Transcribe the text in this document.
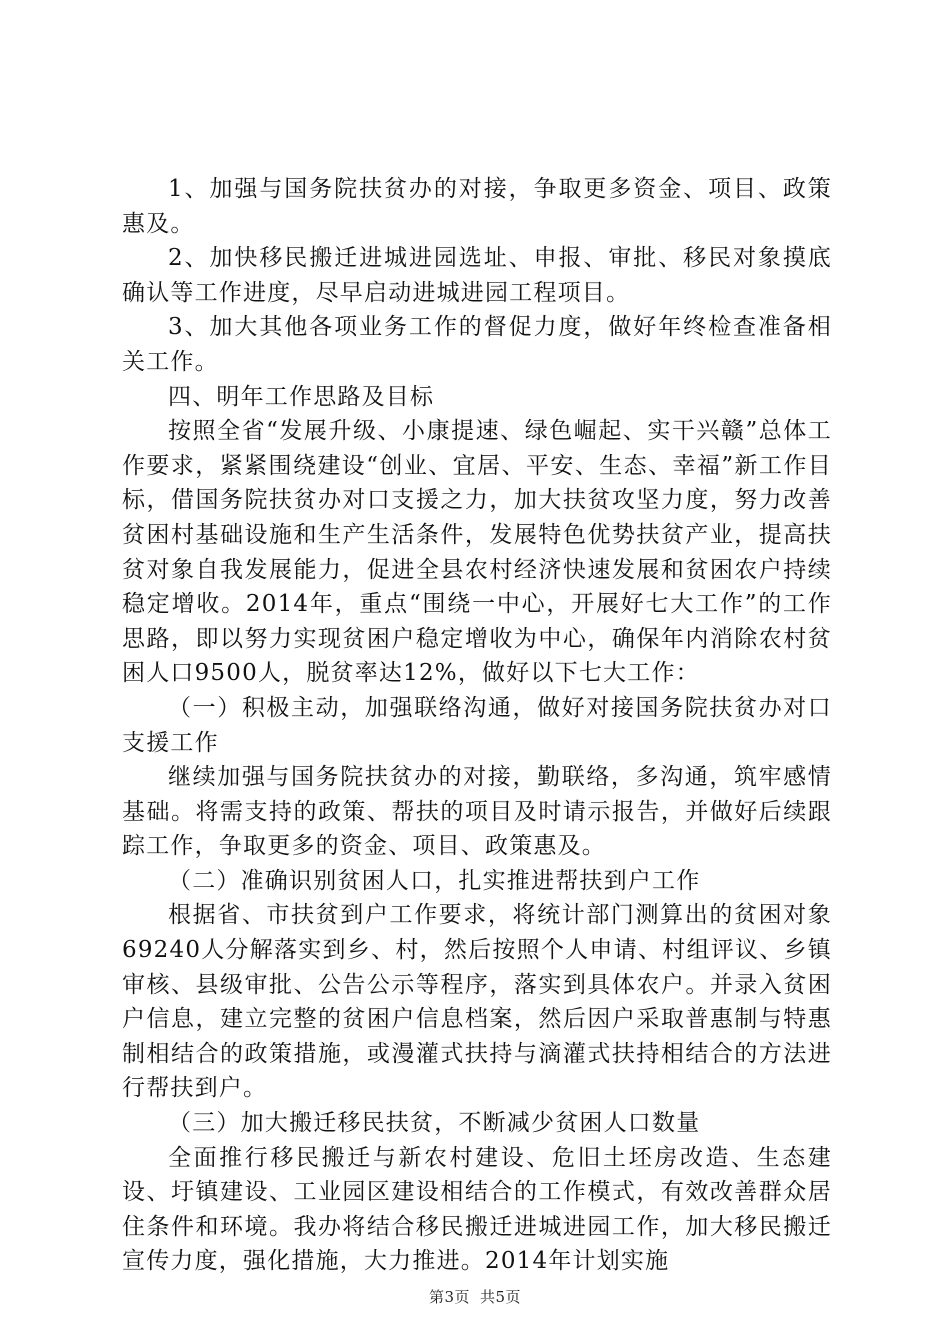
1、加强与国务院扶贫办的对接，争取更多资金、项目、政策惠及。

2、加快移民搬迁进城进园选址、申报、审批、移民对象摸底确认等工作进度，尽早启动进城进园工程项目。

3、加大其他各项业务工作的督促力度，做好年终检查准备相关工作。

四、明年工作思路及目标

按照全省“发展升级、小康提速、绿色崛起、实干兴赣”总体工作要求，紧紧围绕建设“创业、宜居、平安、生态、幸福”新工作目标，借国务院扶贫办对口支援之力，加大扶贫攻坚力度，努力改善贫困村基础设施和生产生活条件，发展特色优势扶贫产业，提高扶贫对象自我发展能力，促进全县农村经济快速发展和贫困农户持续稳定增收。2014年，重点“围绕一中心，开展好七大工作”的工作思路，即以努力实现贫困户稳定增收为中心，确保年内消除农村贫困人口9500人，脱贫率达12%，做好以下七大工作：

（一）积极主动，加强联络沟通，做好对接国务院扶贫办对口支援工作

继续加强与国务院扶贫办的对接，勤联络，多沟通，筑牢感情基础。将需支持的政策、帮扶的项目及时请示报告，并做好后续跟踪工作，争取更多的资金、项目、政策惠及。

（二）准确识别贫困人口，扎实推进帮扶到户工作

根据省、市扶贫到户工作要求，将统计部门测算出的贫困对象69240人分解落实到乡、村，然后按照个人申请、村组评议、乡镇审核、县级审批、公告公示等程序，落实到具体农户。并录入贫困户信息，建立完整的贫困户信息档案，然后因户采取普惠制与特惠制相结合的政策措施，或漫灌式扶持与滴灌式扶持相结合的方法进行帮扶到户。

（三）加大搬迁移民扶贫，不断减少贫困人口数量

全面推行移民搬迁与新农村建设、危旧土坯房改造、生态建设、圩镇建设、工业园区建设相结合的工作模式，有效改善群众居住条件和环境。我办将结合移民搬迁进城进园工作，加大移民搬迁宣传力度，强化措施，大力推进。2014年计划实施

第3页 共5页
